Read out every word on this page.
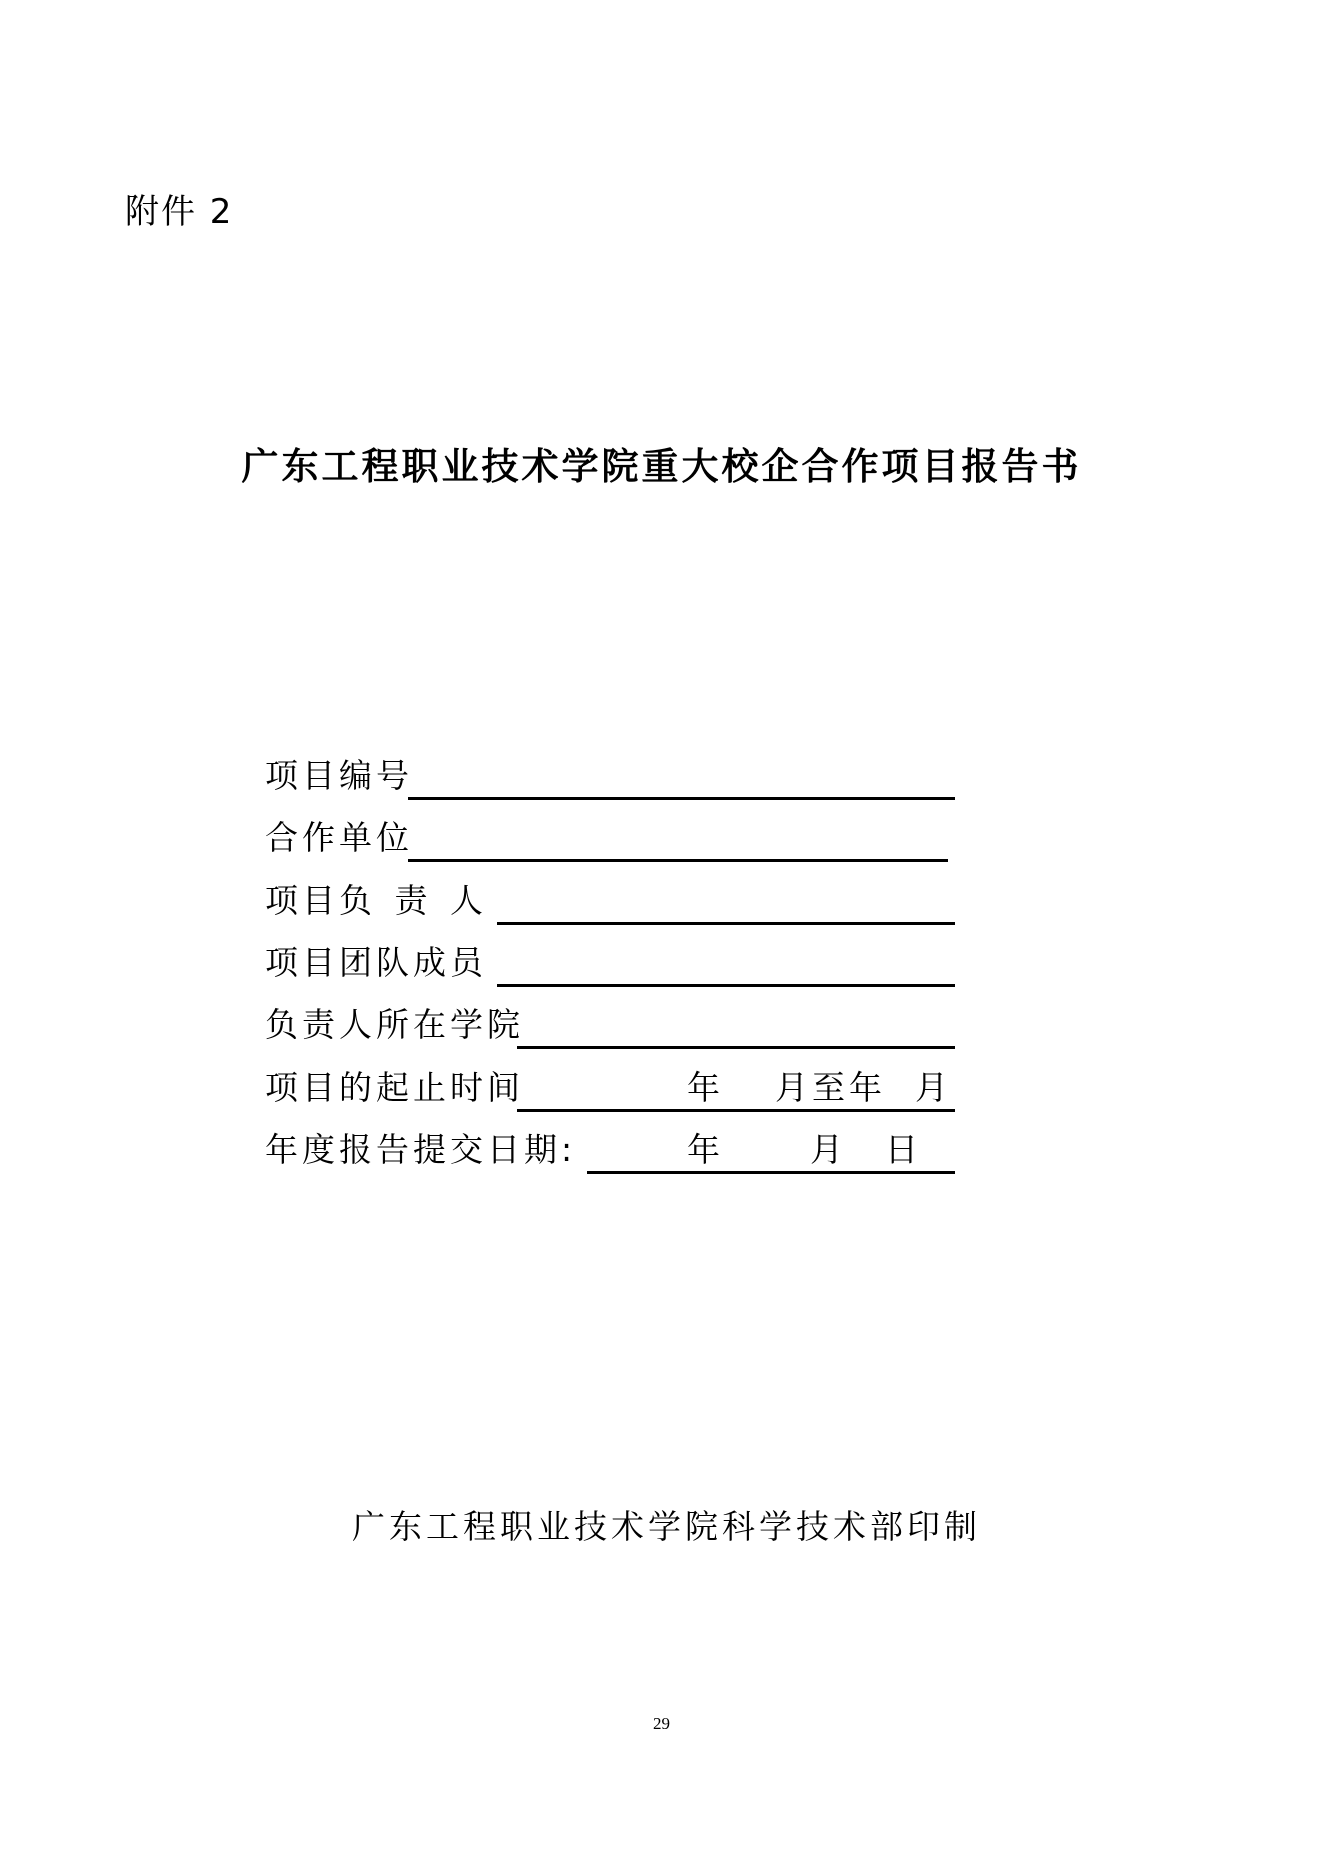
附件 2
广东工程职业技术学院重大校企合作项目报告书
项目编号
合作单位
项目负 责 人
项目团队成员
负责人所在学院
项目的起止时间	年 月至年 月
年度报告提交日期:	年	月 日
广东工程职业技术学院科学技术部印制
29
